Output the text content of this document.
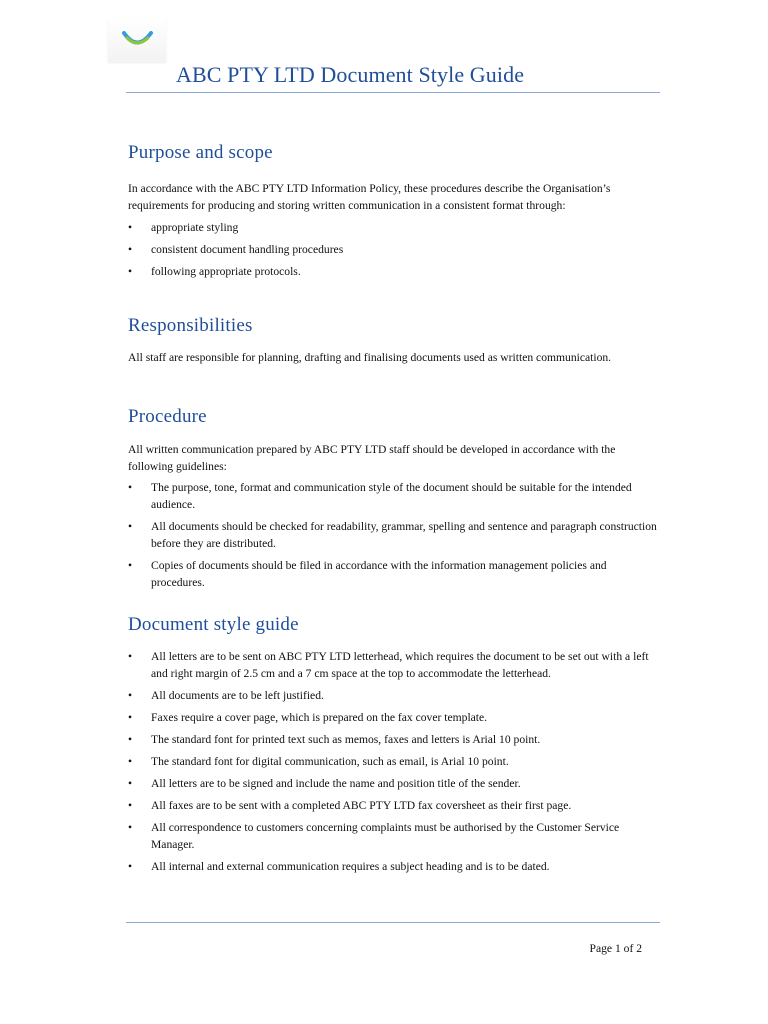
ABC PTY LTD Document Style Guide
Purpose and scope

In accordance with the ABC PTY LTD Information Policy, these procedures describe the Organisation’s requirements for producing and storing written communication in a consistent format through:

• appropriate styling
• consistent document handling procedures
• following appropriate protocols.
Responsibilities

All staff are responsible for planning, drafting and finalising documents used as written communication.

Procedure

All written communication prepared by ABC PTY LTD staff should be developed in accordance with the following guidelines:

• The purpose, tone, format and communication style of the document should be suitable for the intended audience.
• All documents should be checked for readability, grammar, spelling and sentence and paragraph construction before they are distributed.
• Copies of documents should be filed in accordance with the information management policies and procedures.
Document style guide
• All letters are to be sent on ABC PTY LTD letterhead, which requires the document to be set out with a left and right margin of 2.5 cm and a 7 cm space at the top to accommodate the letterhead.
• All documents are to be left justified.
• Faxes require a cover page, which is prepared on the fax cover template.
• The standard font for printed text such as memos, faxes and letters is Arial 10 point.
• The standard font for digital communication, such as email, is Arial 10 point.
• All letters are to be signed and include the name and position title of the sender.
• All faxes are to be sent with a completed ABC PTY LTD fax coversheet as their first page.
• All correspondence to customers concerning complaints must be authorised by the Customer Service Manager.
• All internal and external communication requires a subject heading and is to be dated.
Page 1 of 2
